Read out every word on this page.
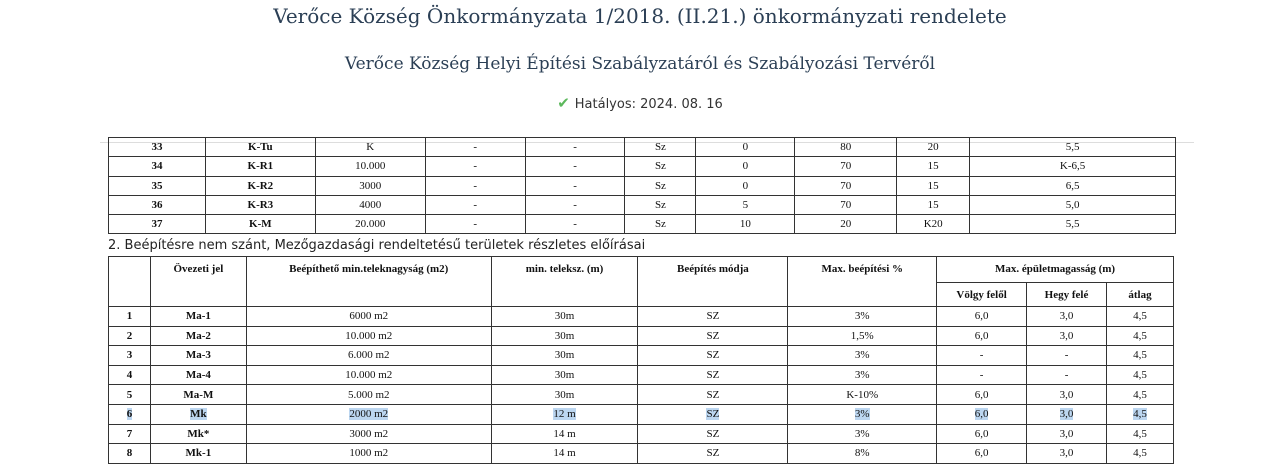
Verőce Község Önkormányzata 1/2018. (II.21.) önkormányzati rendelete
Verőce Község Helyi Építési Szabályzatáról és Szabályozási Tervéről
✔ Hatályos: 2024. 08. 16
33	K-Tu	K	-	-	Sz	0	80	20	5,5
34	K-R1	10.000	-	-	Sz	0	70	15	K-6,5
35	K-R2	3000	-	-	Sz	0	70	15	6,5
36	K-R3	4000	-	-	Sz	5	70	15	5,0
37	K-M	20.000	-	-	Sz	10	20	K20	5,5
2. Beépítésre nem szánt, Mezőgazdasági rendeltetésű területek részletes előírásai
	Övezeti jel	Beépíthető min.teleknagyság (m2)	min. teleksz. (m)	Beépítés módja	Max. beépítési %	Max. épületmagasság (m)		
						Völgy felől	Hegy felé	átlag
1	Ma-1	6000 m2	30m	SZ	3%	6,0	3,0	4,5
2	Ma-2	10.000 m2	30m	SZ	1,5%	6,0	3,0	4,5
3	Ma-3	6.000 m2	30m	SZ	3%	-	-	4,5
4	Ma-4	10.000 m2	30m	SZ	3%	-	-	4,5
5	Ma-M	5.000 m2	30m	SZ	K-10%	6,0	3,0	4,5
6	Mk	2000 m2	12 m	SZ	3%	6,0	3,0	4,5
7	Mk*	3000 m2	14 m	SZ	3%	6,0	3,0	4,5
8	Mk-1	1000 m2	14 m	SZ	8%	6,0	3,0	4,5
